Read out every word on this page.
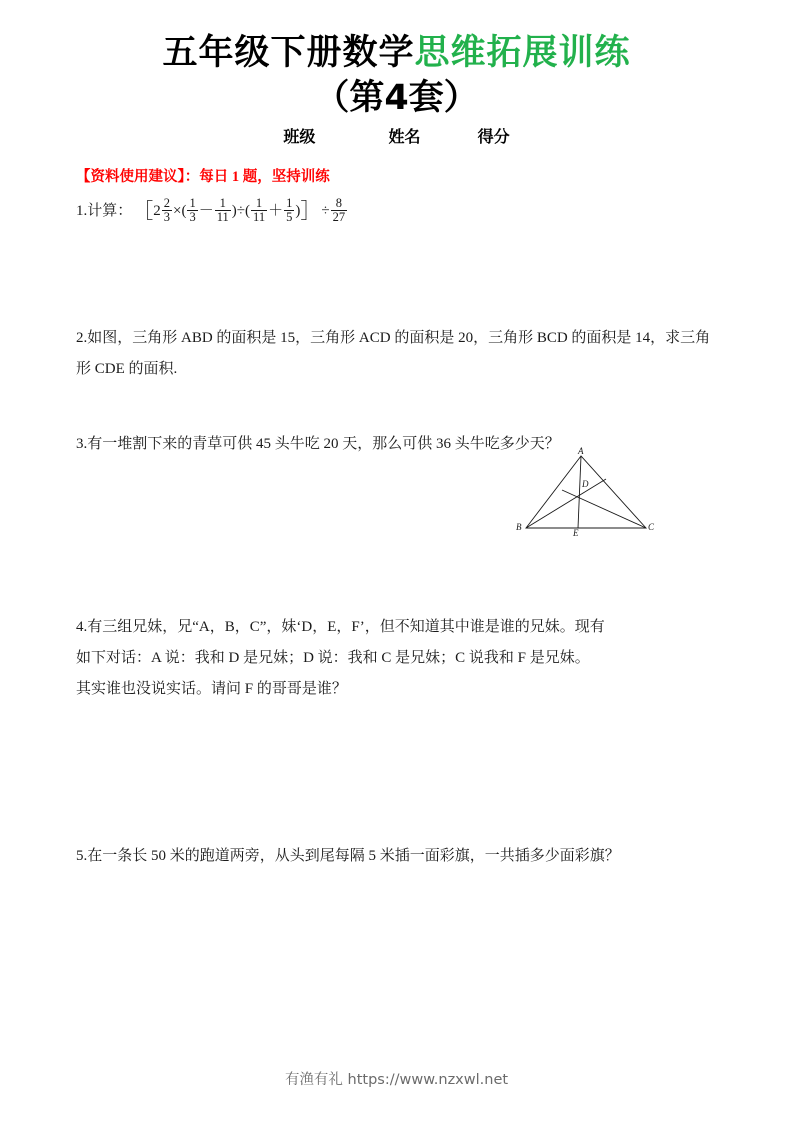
五年级下册数学思维拓展训练
（第4套）
班级	姓名	得分
【资料使用建议】：每日 1 题，坚持训练
1.计算：［2 $\frac{2}{3}$ ×( $\frac{1}{3} - \frac{1}{11}$ )÷( $\frac{1}{11} + \frac{1}{5}$ )］÷ $\frac{8}{27}$
2.如图，三角形 ABD 的面积是 15，三角形 ACD 的面积是 20，三角形 BCD 的面积是 14，求三角形 CDE 的面积.
A
B	C
D
E
3.有一堆割下来的青草可供 45 头牛吃 20 天，那么可供 36 头牛吃多少天？
4.有三组兄妹，兄“A，B，C”，妹‘D，E，F’，但不知道其中谁是谁的兄妹。现有
如下对话：A 说：我和 D 是兄妹；D 说：我和 C 是兄妹；C 说我和 F 是兄妹。
其实谁也没说实话。请问 F 的哥哥是谁？
5.在一条长 50 米的跑道两旁，从头到尾每隔 5 米插一面彩旗，一共插多少面彩旗？
有渔有礼 https://www.nzxwl.net
